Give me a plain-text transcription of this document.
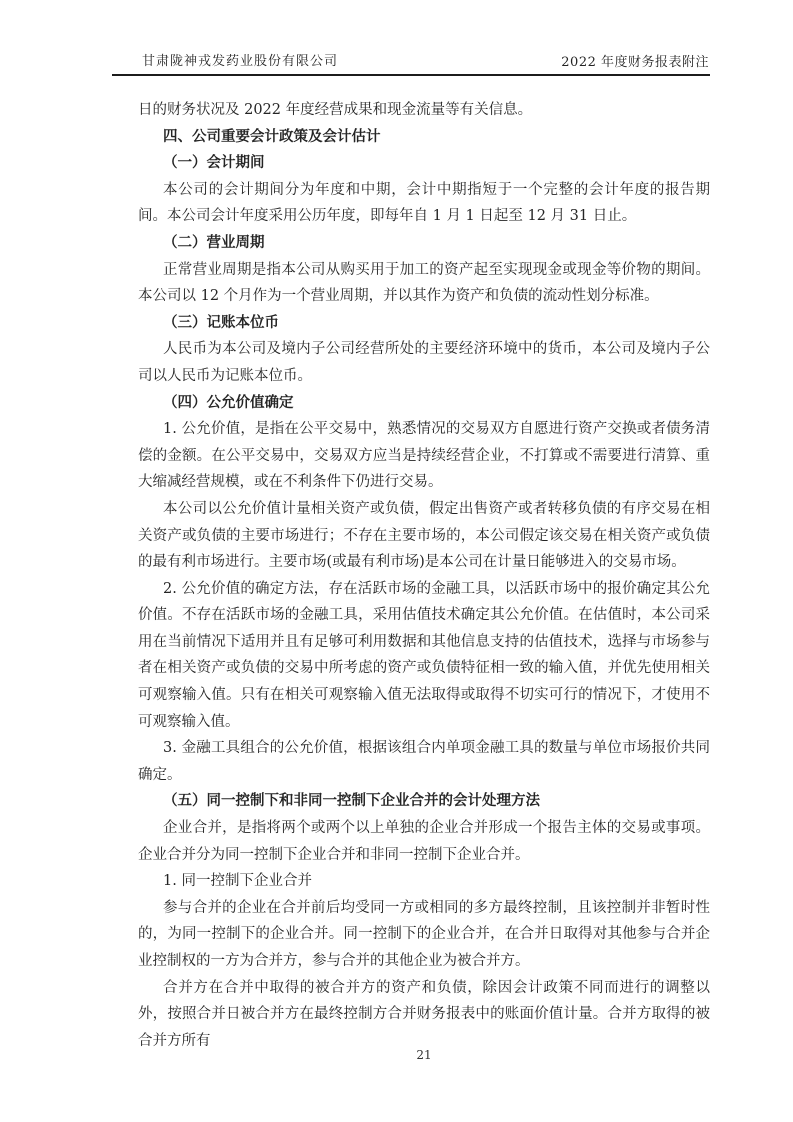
甘肃陇神戎发药业股份有限公司	2022 年度财务报表附注

日的财务状况及 2022 年度经营成果和现金流量等有关信息。

四、公司重要会计政策及会计估计

（一）会计期间

本公司的会计期间分为年度和中期，会计中期指短于一个完整的会计年度的报告期间。本公司会计年度采用公历年度，即每年自 1 月 1 日起至 12 月 31 日止。

（二）营业周期

正常营业周期是指本公司从购买用于加工的资产起至实现现金或现金等价物的期间。本公司以 12 个月作为一个营业周期，并以其作为资产和负债的流动性划分标准。

（三）记账本位币

人民币为本公司及境内子公司经营所处的主要经济环境中的货币，本公司及境内子公司以人民币为记账本位币。

（四）公允价值确定

1. 公允价值，是指在公平交易中，熟悉情况的交易双方自愿进行资产交换或者债务清偿的金额。在公平交易中，交易双方应当是持续经营企业，不打算或不需要进行清算、重大缩减经营规模，或在不利条件下仍进行交易。

本公司以公允价值计量相关资产或负债，假定出售资产或者转移负债的有序交易在相关资产或负债的主要市场进行；不存在主要市场的，本公司假定该交易在相关资产或负债的最有利市场进行。主要市场(或最有利市场)是本公司在计量日能够进入的交易市场。

2. 公允价值的确定方法，存在活跃市场的金融工具，以活跃市场中的报价确定其公允价值。不存在活跃市场的金融工具，采用估值技术确定其公允价值。在估值时，本公司采用在当前情况下适用并且有足够可利用数据和其他信息支持的估值技术，选择与市场参与者在相关资产或负债的交易中所考虑的资产或负债特征相一致的输入值，并优先使用相关可观察输入值。只有在相关可观察输入值无法取得或取得不切实可行的情况下，才使用不可观察输入值。

3. 金融工具组合的公允价值，根据该组合内单项金融工具的数量与单位市场报价共同确定。

（五）同一控制下和非同一控制下企业合并的会计处理方法

企业合并，是指将两个或两个以上单独的企业合并形成一个报告主体的交易或事项。企业合并分为同一控制下企业合并和非同一控制下企业合并。

1. 同一控制下企业合并

参与合并的企业在合并前后均受同一方或相同的多方最终控制，且该控制并非暂时性的，为同一控制下的企业合并。同一控制下的企业合并，在合并日取得对其他参与合并企业控制权的一方为合并方，参与合并的其他企业为被合并方。

合并方在合并中取得的被合并方的资产和负债，除因会计政策不同而进行的调整以外，按照合并日被合并方在最终控制方合并财务报表中的账面价值计量。合并方取得的被合并方所有

21
